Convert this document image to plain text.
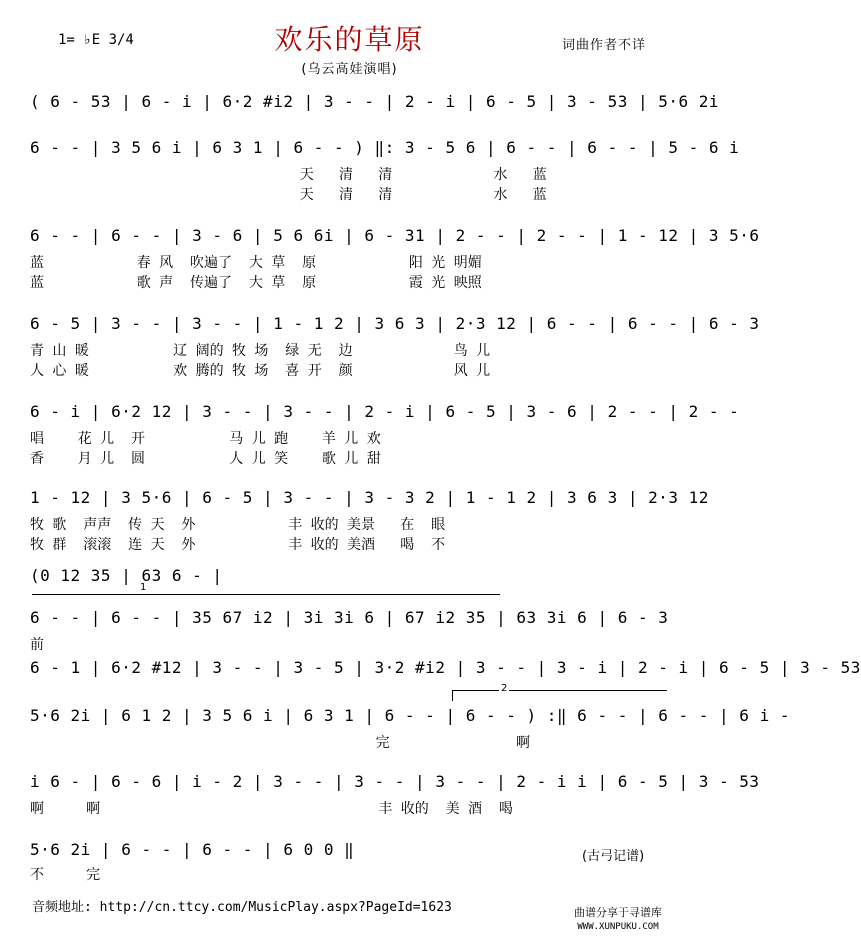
欢乐的草原
(乌云高娃演唱)
1= ♭E 3/4	词曲作者不详
( 6 - 53 | 6 - i | 6·2 #i2 | 3 - - | 2 - i | 6 - 5 | 3 - 53 | 5·6 2i
6 - - | 3 5 6 i | 6 3 1 | 6 - - ) ‖: 3 - 5 6 | 6 - - | 6 - - | 5 - 6 i
天   清   清            水   蓝
天   清   清            水   蓝
6 - - | 6 - - | 3 - 6 | 5 6 6i | 6 - 31 | 2 - - | 2 - - | 1 - 12 | 3 5·6
蓝           春 风  吹遍了  大 草  原           阳 光 明媚
蓝           歌 声  传遍了  大 草  原           霞 光 映照
6 - 5 | 3 - - | 3 - - | 1 - 1 2 | 3 6 3 | 2·3 12 | 6 - - | 6 - - | 6 - 3
青 山 暖          辽 阔的 牧 场  绿 无  边            鸟 儿
人 心 暖          欢 腾的 牧 场  喜 开  颜            风 儿
6 - i | 6·2 12 | 3 - - | 3 - - | 2 - i | 6 - 5 | 3 - 6 | 2 - - | 2 - -
唱    花 儿  开          马 儿 跑    羊 儿 欢
香    月 儿  圆          人 儿 笑    歌 儿 甜
1 - 12 | 3 5·6 | 6 - 5 | 3 - - | 3 - 3 2 | 1 - 1 2 | 3 6 3 | 2·3 12
牧 歌  声声  传 天  外           丰 收的 美景   在  眼
牧 群  滚滚  连 天  外           丰 收的 美酒   喝  不
(0 12 35 | 63 6 - |
1
6 - - | 6 - - | 35 67 i2 | 3i 3i 6 | 67 i2 35 | 63 3i 6 | 6 - 3
前
6 - 1 | 6·2 #12 | 3 - - | 3 - 5 | 3·2 #i2 | 3 - - | 3 - i | 2 - i | 6 - 5 | 3 - 53
2
5·6 2i | 6 1 2 | 3 5 6 i | 6 3 1 | 6 - - | 6 - - ) :‖ 6 - - | 6 - - | 6 i -
完               啊
i 6 - | 6 - 6 | i - 2 | 3 - - | 3 - - | 3 - - | 2 - i i | 6 - 5 | 3 - 53
啊     啊                                 丰 收的  美 酒  喝
5·6 2i | 6 - - | 6 - - | 6 0 0 ‖
不     完
(古弓记谱)
音频地址: http://cn.ttcy.com/MusicPlay.aspx?PageId=1623	曲谱分享于寻谱库
WWW.XUNPUKU.COM
